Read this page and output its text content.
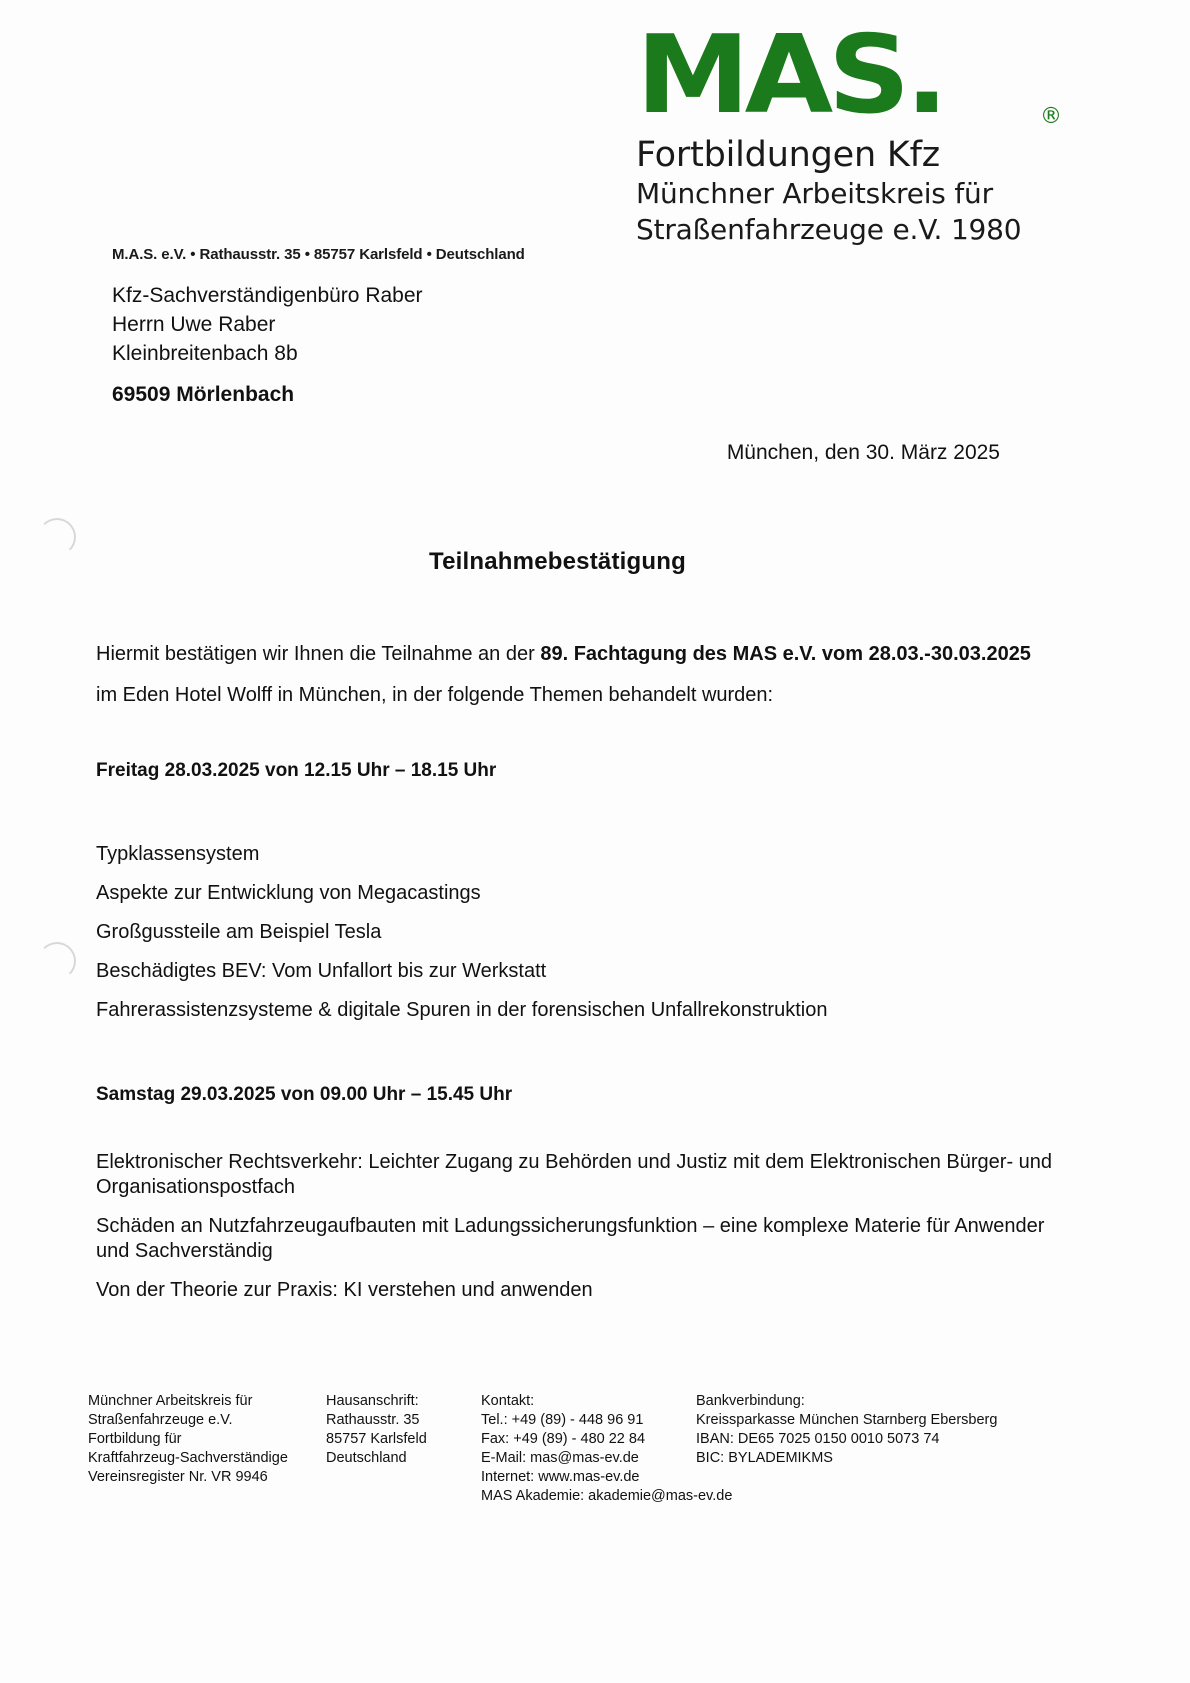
MAS.	®
Fortbildungen Kfz
Münchner Arbeitskreis für
Straßenfahrzeuge e.V. 1980
M.A.S. e.V. • Rathausstr. 35 • 85757 Karlsfeld • Deutschland
Kfz-Sachverständigenbüro Raber
Herrn Uwe Raber
Kleinbreitenbach 8b
69509 Mörlenbach
München, den 30. März 2025
Teilnahmebestätigung
Hiermit bestätigen wir Ihnen die Teilnahme an der 89. Fachtagung des MAS e.V. vom 28.03.-30.03.2025
im Eden Hotel Wolff in München, in der folgende Themen behandelt wurden:
Freitag 28.03.2025 von 12.15 Uhr – 18.15 Uhr
Typklassensystem
Aspekte zur Entwicklung von Megacastings
Großgussteile am Beispiel Tesla
Beschädigtes BEV: Vom Unfallort bis zur Werkstatt
Fahrerassistenzsysteme & digitale Spuren in der forensischen Unfallrekonstruktion
Samstag 29.03.2025 von 09.00 Uhr – 15.45 Uhr
Elektronischer Rechtsverkehr: Leichter Zugang zu Behörden und Justiz mit dem Elektronischen Bürger- und Organisationspostfach
Schäden an Nutzfahrzeugaufbauten mit Ladungssicherungsfunktion – eine komplexe Materie für Anwender und Sachverständig
Von der Theorie zur Praxis: KI verstehen und anwenden
Münchner Arbeitskreis für
Straßenfahrzeuge e.V.
Fortbildung für
Kraftfahrzeug-Sachverständige
Vereinsregister Nr. VR 9946
Hausanschrift:
Rathausstr. 35
85757 Karlsfeld
Deutschland
Kontakt:
Tel.: +49 (89) - 448 96 91
Fax: +49 (89) - 480 22 84
E-Mail: mas@mas-ev.de
Internet: www.mas-ev.de
MAS Akademie: akademie@mas-ev.de
Bankverbindung:
Kreissparkasse München Starnberg Ebersberg
IBAN: DE65 7025 0150 0010 5073 74
BIC: BYLADEMIKMS
